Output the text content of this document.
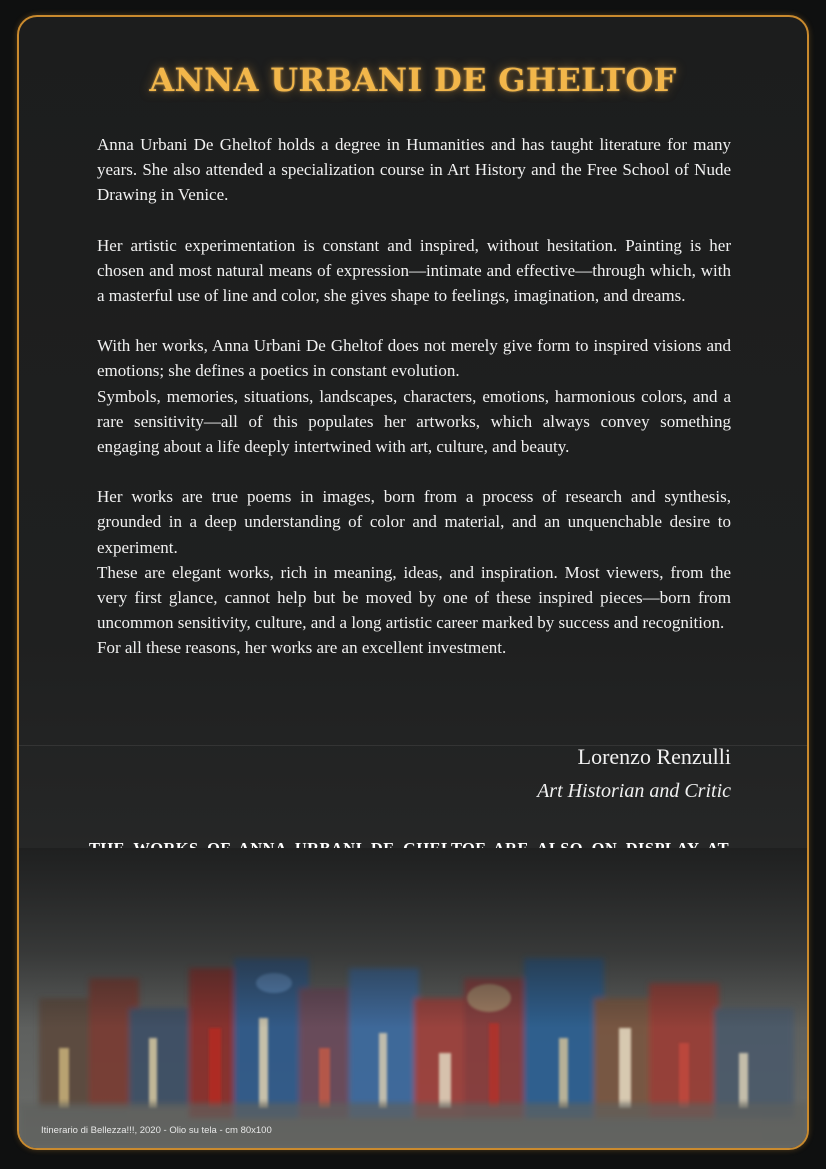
ANNA URBANI DE GHELTOF

Anna Urbani De Gheltof holds a degree in Humanities and has taught literature for many years. She also attended a specialization course in Art History and the Free School of Nude Drawing in Venice.

Her artistic experimentation is constant and inspired, without hesitation. Painting is her chosen and most natural means of expression—intimate and effective—through which, with a masterful use of line and color, she gives shape to feelings, imagination, and dreams.

With her works, Anna Urbani De Gheltof does not merely give form to inspired visions and emotions; she defines a poetics in constant evolution.

Symbols, memories, situations, landscapes, characters, emotions, harmonious colors, and a rare sensitivity—all of this populates her artworks, which always convey something engaging about a life deeply intertwined with art, culture, and beauty.

Her works are true poems in images, born from a process of research and synthesis, grounded in a deep understanding of color and material, and an unquenchable desire to experiment.

These are elegant works, rich in meaning, ideas, and inspiration. Most viewers, from the very first glance, cannot help but be moved by one of these inspired pieces—born from uncommon sensitivity, culture, and a long artistic career marked by success and recognition.

For all these reasons, her works are an excellent investment.

Lorenzo Renzulli
Art Historian and Critic
Itinerario di Bellezza!!!, 2020 - Olio su tela - cm 80x100
